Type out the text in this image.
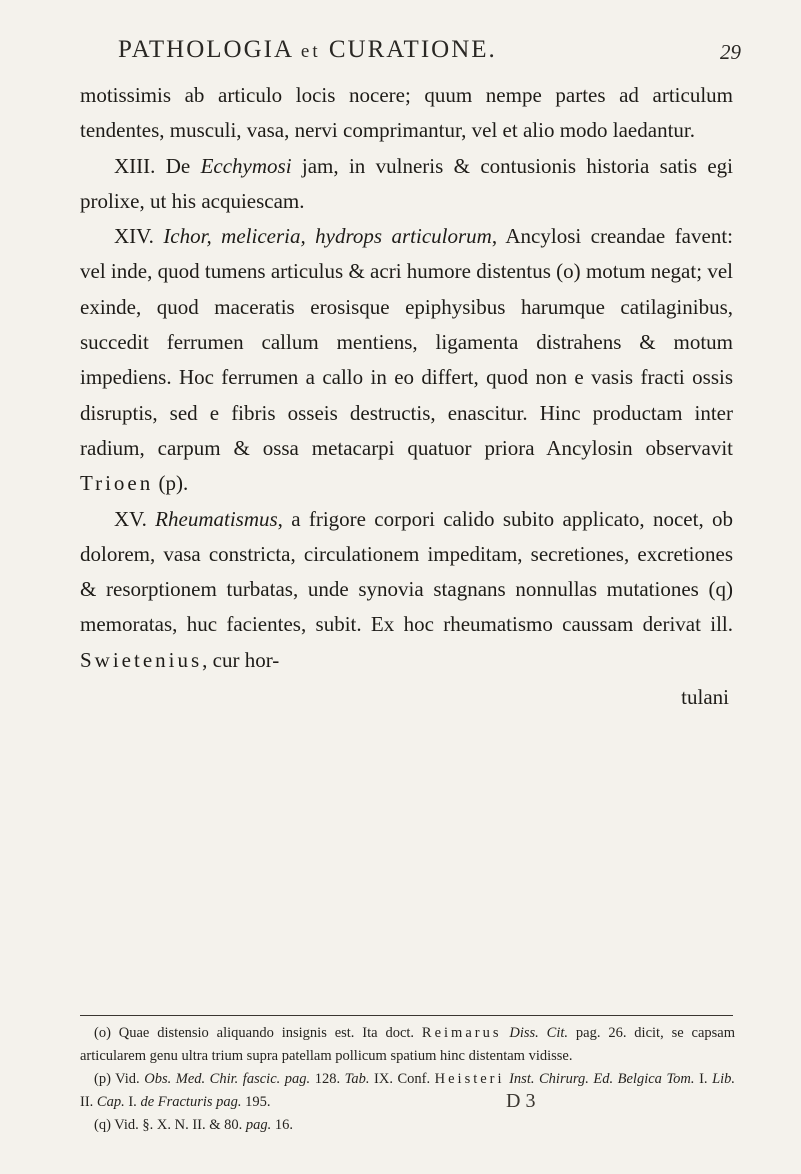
PATHOLOGIA et CURATIONE.	29

motissimis ab articulo locis nocere; quum nempe partes ad articulum tendentes, musculi, vasa, nervi comprimantur, vel et alio modo laedantur.

XIII. De Ecchymosi jam, in vulneris & contusionis historia satis egi prolixe, ut his acquiescam.

XIV. Ichor, meliceria, hydrops articulorum, Ancylosi creandae favent: vel inde, quod tumens articulus & acri humore distentus (o) motum negat; vel exinde, quod maceratis erosisque epiphysibus harumque catilaginibus, succedit ferrumen callum mentiens, ligamenta distrahens & motum impediens. Hoc ferrumen a callo in eo differt, quod non e vasis fracti ossis disruptis, sed e fibris osseis destructis, enascitur. Hinc productam inter radium, carpum & ossa metacarpi quatuor priora Ancylosin observavit Trioen (p).

XV. Rheumatismus, a frigore corpori calido subito applicato, nocet, ob dolorem, vasa constricta, circulationem impeditam, secretiones, excretiones & resorptionem turbatas, unde synovia stagnans nonnullas mutationes (q) memoratas, huc facientes, subit. Ex hoc rheumatismo caussam derivat ill. Swietenius, cur hor-

tulani

(o) Quae distensio aliquando insignis est. Ita doct. Reimarus Diss. Cit. pag. 26. dicit, se capsam articularem genu ultra trium supra patellam pollicum spatium hinc distentam vidisse.

(p) Vid. Obs. Med. Chir. fascic. pag. 128. Tab. IX. Conf. Heisteri Inst. Chirurg. Ed. Belgica Tom. I. Lib. II. Cap. I. de Fracturis pag. 195.

(q) Vid. §. X. N. II. & 80. pag. 16.

D 3
